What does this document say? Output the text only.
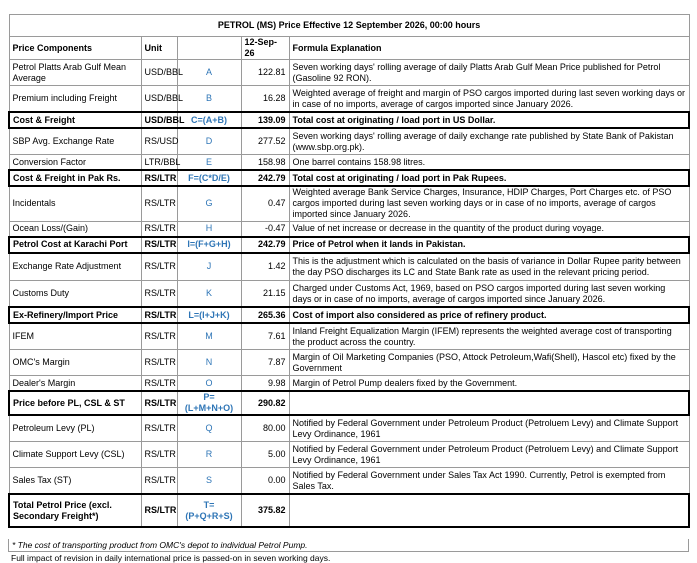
PETROL (MS) Price Effective 12 September 2026, 00:00 hours				
Price Components	Unit		12-Sep-26	Formula Explanation
Petrol Platts Arab Gulf Mean Average	USD/BBL	A	122.81	Seven working days' rolling average of daily Platts Arab Gulf Mean Price published for Petrol (Gasoline 92 RON).
Premium including Freight	USD/BBL	B	16.28	Weighted average of freight and margin of PSO cargos imported during last seven working days or in case of no imports, average of cargos imported since January 2026.
Cost & Freight	USD/BBL	C=(A+B)	139.09	Total cost at originating / load port in US Dollar.
SBP Avg. Exchange Rate	RS/USD	D	277.52	Seven working days' rolling average of daily exchange rate published by State Bank of Pakistan (www.sbp.org.pk).
Conversion Factor	LTR/BBL	E	158.98	One barrel contains 158.98 litres.
Cost & Freight in Pak Rs.	RS/LTR	F=(C*D/E)	242.79	Total cost at originating / load port in Pak Rupees.
Incidentals	RS/LTR	G	0.47	Weighted average Bank Service Charges, Insurance, HDIP Charges, Port Charges etc. of PSO cargos imported during last seven working days or in case of no imports, average of cargos imported since January 2026.
Ocean Loss/(Gain)	RS/LTR	H	-0.47	Value of net increase or decrease in the quantity of the product during voyage.
Petrol Cost at Karachi Port	RS/LTR	I=(F+G+H)	242.79	Price of Petrol when it lands in Pakistan.
Exchange Rate Adjustment	RS/LTR	J	1.42	This is the adjustment which is calculated on the basis of variance in Dollar Rupee parity between the day PSO discharges its LC and State Bank rate as used in the relevant pricing period.
Customs Duty	RS/LTR	K	21.15	Charged under Customs Act, 1969, based on PSO cargos imported during last seven working days or in case of no imports, average of cargos imported since January 2026.
Ex-Refinery/Import Price	RS/LTR	L=(I+J+K)	265.36	Cost of import also considered as price of refinery product.
IFEM	RS/LTR	M	7.61	Inland Freight Equalization Margin (IFEM) represents the weighted average cost of transporting the product across the country.
OMC's Margin	RS/LTR	N	7.87	Margin of Oil Marketing Companies (PSO, Attock Petroleum,Wafi(Shell), Hascol etc) fixed by the Government
Dealer's Margin	RS/LTR	O	9.98	Margin of Petrol Pump dealers fixed by the Government.
Price before PL, CSL & ST	RS/LTR	P=(L+M+N+O)	290.82	
Petroleum Levy (PL)	RS/LTR	Q	80.00	Notified by Federal Government under Petroleum Product (Petroluem Levy) and Climate Support Levy Ordinance, 1961
Climate Support Levy (CSL)	RS/LTR	R	5.00	Notified by Federal Government under Petroleum Product (Petroluem Levy) and Climate Support Levy Ordinance, 1961
Sales Tax (ST)	RS/LTR	S	0.00	Notified by Federal Government under Sales Tax Act 1990. Currently, Petrol is exempted from Sales Tax.
Total Petrol Price (excl. Secondary Freight*)	RS/LTR	T=(P+Q+R+S)	375.82	
* The cost of transporting product from OMC's depot to individual Petrol Pump.
Full impact of revision in daily international price is passed-on in seven working days.
